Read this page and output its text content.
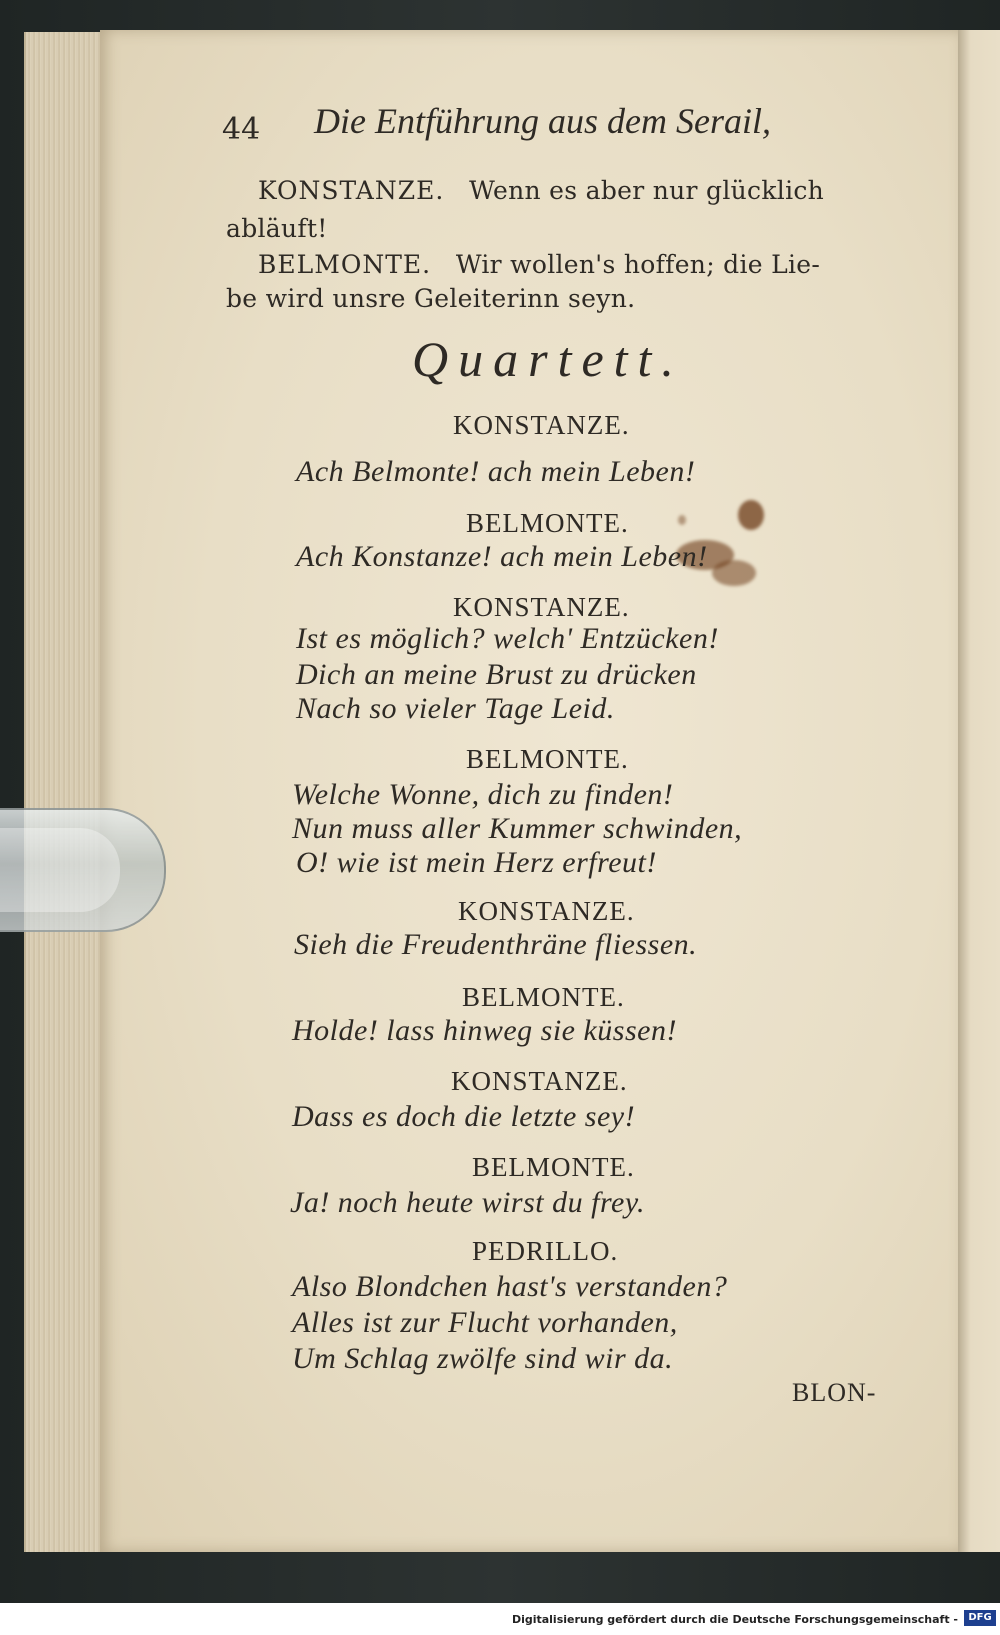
44 Die Entführung aus dem Serail,
KONSTANZE. Wenn es aber nur glücklich
abläuft!
BELMONTE. Wir wollen's hoffen; die Lie-
be wird unsre Geleiterinn seyn.
Quartett.
KONSTANZE.
Ach Belmonte! ach mein Leben!
BELMONTE.
Ach Konstanze! ach mein Leben!
KONSTANZE.
Ist es möglich? welch' Entzücken!
Dich an meine Brust zu drücken
Nach so vieler Tage Leid.
BELMONTE.
Welche Wonne, dich zu finden!
Nun muss aller Kummer schwinden,
O! wie ist mein Herz erfreut!
KONSTANZE.
Sieh die Freudenthräne fliessen.
BELMONTE.
Holde! lass hinweg sie küssen!
KONSTANZE.
Dass es doch die letzte sey!
BELMONTE.
Ja! noch heute wirst du frey.
PEDRILLO.
Also Blondchen hast's verstanden?
Alles ist zur Flucht vorhanden,
Um Schlag zwölfe sind wir da.
BLON-
Digitalisierung gefördert durch die Deutsche Forschungsgemeinschaft -	DFG
